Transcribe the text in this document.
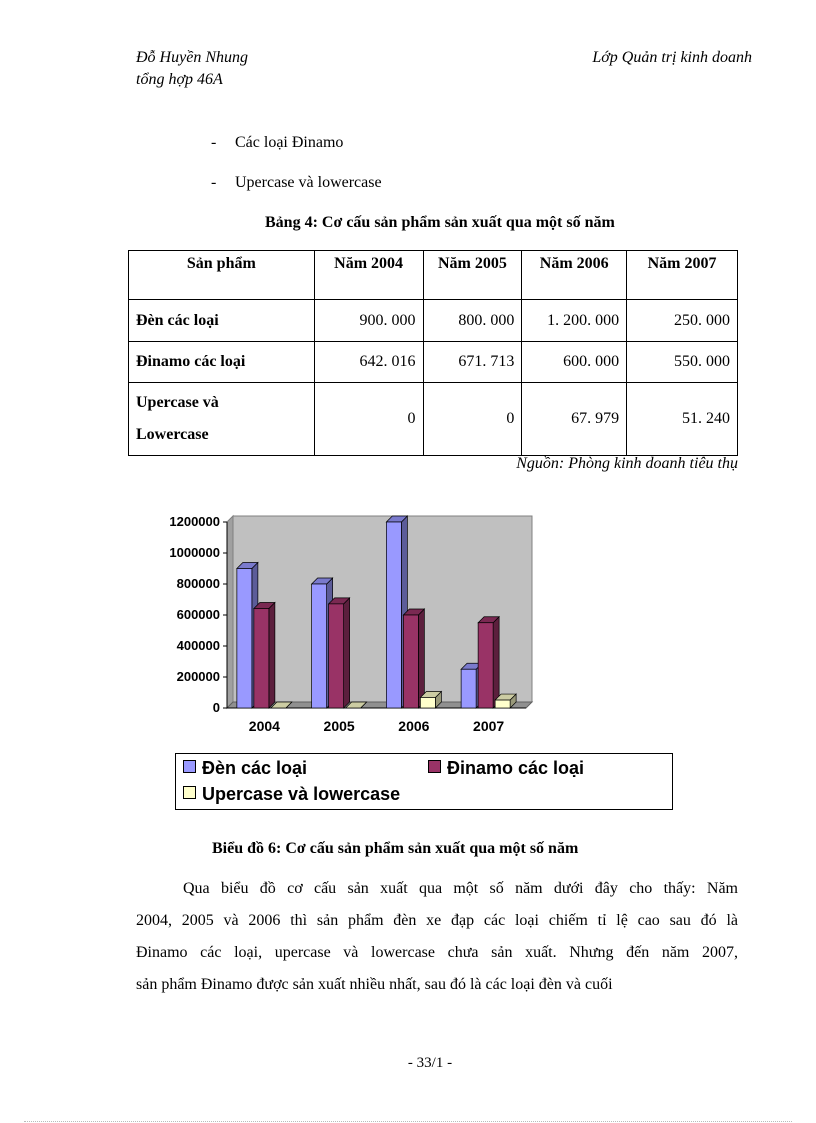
Đỗ Huyền Nhung
tổng hợp 46A
Lớp Quản trị kinh doanh
- Các loại Đinamo
- Upercase và lowercase
Bảng 4: Cơ cấu sản phẩm sản xuất qua một số năm
Sản phẩm	Năm 2004	Năm 2005	Năm 2006	Năm 2007
Đèn các loại	900. 000	800. 000	1. 200. 000	250. 000
Đinamo các loại	642. 016	671. 713	600. 000	550. 000

Upercase và
Lowercase	0	0	67. 979	51. 240
Nguồn: Phòng kinh doanh tiêu thụ
0
200000
400000
600000
800000
1000000
1200000
2004	2005	2006	2007
Đèn các loại	Đinamo các loại
Upercase và lowercase
Biểu đồ 6: Cơ cấu sản phẩm sản xuất qua một số năm
Qua biểu đồ cơ cấu sản xuất qua một số năm dưới đây cho thấy: Năm
2004, 2005 và 2006 thì sản phẩm đèn xe đạp các loại chiếm tỉ lệ cao sau đó là
Đinamo các loại, upercase và lowercase chưa sản xuất. Nhưng đến năm 2007,
sản phẩm Đinamo được sản xuất nhiều nhất, sau đó là các loại đèn và cuối
- 33/1 -
